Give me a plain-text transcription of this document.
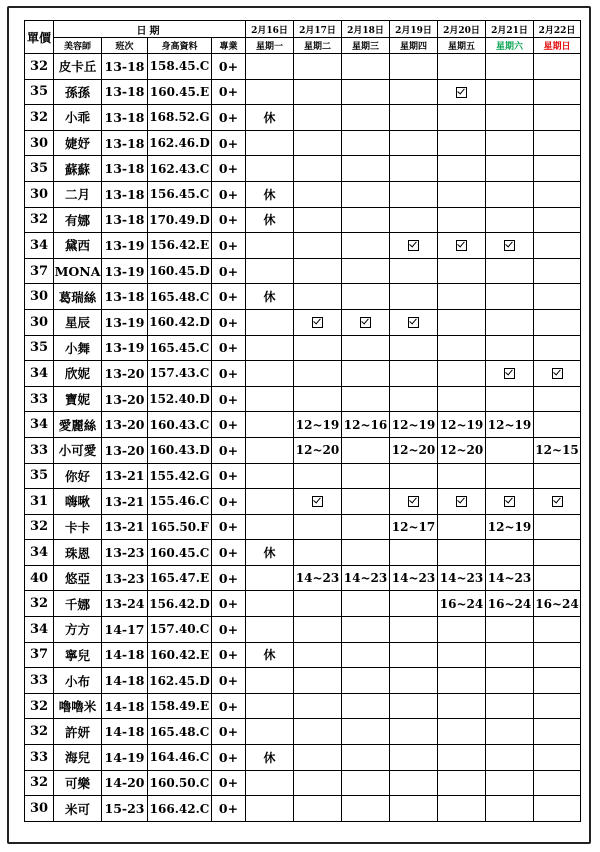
單價	日期				2月16日	2月17日	2月18日	2月19日	2月20日	2月21日	2月22日
	美容師	班次	身高資料	專業	星期一	星期二	星期三	星期四	星期五	星期六	星期日
32	皮卡丘	13-18	158.45.C	0+							
35	孫孫	13-18	160.45.E	0+							
32	小乖	13-18	168.52.G	0+	休						
30	婕妤	13-18	162.46.D	0+							
35	蘇蘇	13-18	162.43.C	0+							
30	二月	13-18	156.45.C	0+	休						
32	有娜	13-18	170.49.D	0+	休						
34	黛西	13-19	156.42.E	0+							
37	MONA	13-19	160.45.D	0+							
30	葛瑞絲	13-18	165.48.C	0+	休						
30	星辰	13-19	160.42.D	0+							
35	小舞	13-19	165.45.C	0+							
34	欣妮	13-20	157.43.C	0+							
33	寶妮	13-20	152.40.D	0+							
34	愛麗絲	13-20	160.43.C	0+		12~19	12~16	12~19	12~19	12~19	
33	小可愛	13-20	160.43.D	0+		12~20		12~20	12~20		12~15
35	你好	13-21	155.42.G	0+							
31	嗨啾	13-21	155.46.C	0+							
32	卡卡	13-21	165.50.F	0+				12~17		12~19	
34	珠恩	13-23	160.45.C	0+	休						
40	悠亞	13-23	165.47.E	0+		14~23	14~23	14~23	14~23	14~23	
32	千娜	13-24	156.42.D	0+					16~24	16~24	16~24
34	方方	14-17	157.40.C	0+							
37	寧兒	14-18	160.42.E	0+	休						
33	小布	14-18	162.45.D	0+							
32	嚕嚕米	14-18	158.49.E	0+							
32	許妍	14-18	165.48.C	0+							
33	海兒	14-19	164.46.C	0+	休						
32	可樂	14-20	160.50.C	0+							
30	米可	15-23	166.42.C	0+							
